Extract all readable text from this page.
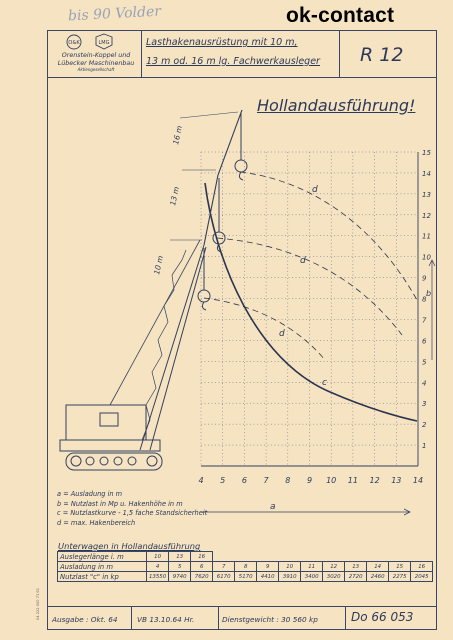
bis 90 Volder	ok-contact
O&K	LMG
Orenstein-Koppel und
Lübecker Maschinenbau
Aktiengesellschaft
Lasthakenausrüstung mit 10 m,
13 m od. 16 m lg. Fachwerkausleger R 12
Hollandausführung!
4 5 6 7 8 9 10 11 12 13 14
1
2
3
4
5
6
7
8
9
10
11
12
13
14
15
16 m
13 m
10 m
d
d
d
c
a
b
a = Ausladung in m
b = Nutzlast in Mp u. Hakenhöhe in m
c = Nutzlastkurve - 1,5 fache Standsicherheit
d = max. Hakenbereich
Unterwagen in Hollandausführung
Auslegerlänge i. m	10	13	16										
Ausladung in m	4	5	6	7	8	9	10	11	12	13	14	15	16
Nutzlast "c" in kp	13550	9740	7620	6170	5170	4410	3910	3400	3020	2720	2460	2275	2045
Ausgabe : Okt. 64	VB 13.10.64 Hr.	Dienstgewicht : 30 560 kp	Do 66 053
04 222 000 71 61
